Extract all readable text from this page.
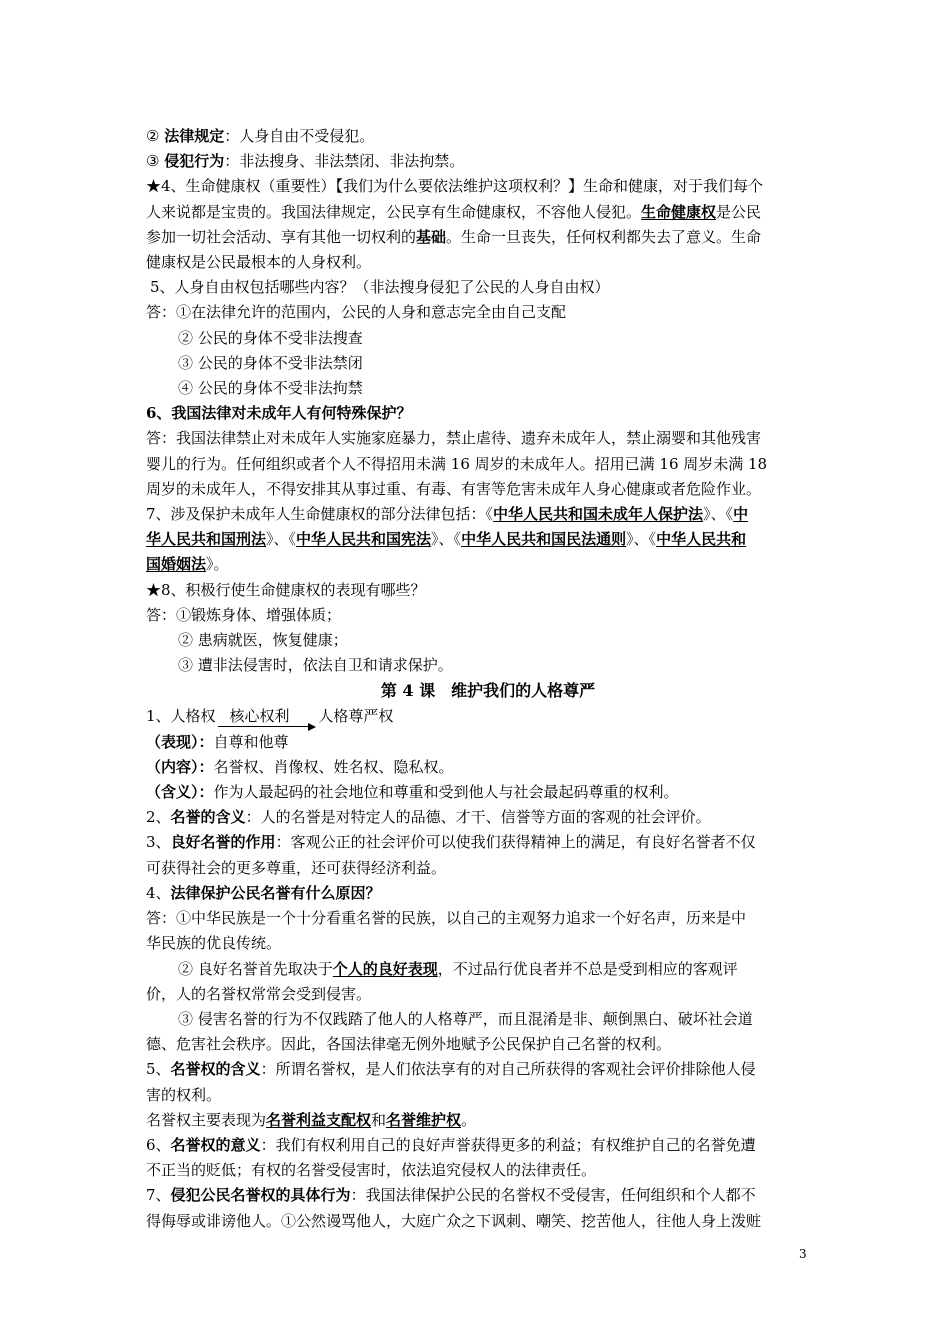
② 法律规定：人身自由不受侵犯。
③ 侵犯行为：非法搜身、非法禁闭、非法拘禁。
★4、生命健康权（重要性）【我们为什么要依法维护这项权利？】生命和健康，对于我们每个
人来说都是宝贵的。我国法律规定，公民享有生命健康权，不容他人侵犯。生命健康权是公民
参加一切社会活动、享有其他一切权利的基础。生命一旦丧失，任何权利都失去了意义。生命
健康权是公民最根本的人身权利。
5、人身自由权包括哪些内容？（非法搜身侵犯了公民的人身自由权）
答：①在法律允许的范围内，公民的人身和意志完全由自己支配
② 公民的身体不受非法搜查
③ 公民的身体不受非法禁闭
④ 公民的身体不受非法拘禁
6、我国法律对未成年人有何特殊保护？
答：我国法律禁止对未成年人实施家庭暴力，禁止虐待、遗弃未成年人，禁止溺婴和其他残害
婴儿的行为。任何组织或者个人不得招用未满 16 周岁的未成年人。招用已满 16 周岁未满 18
周岁的未成年人，不得安排其从事过重、有毒、有害等危害未成年人身心健康或者危险作业。
7、涉及保护未成年人生命健康权的部分法律包括：《中华人民共和国未成年人保护法》、《中
华人民共和国刑法》、《中华人民共和国宪法》、《中华人民共和国民法通则》、《中华人民共和
国婚姻法》。
★8、积极行使生命健康权的表现有哪些？
答：①锻炼身体、增强体质；
② 患病就医，恢复健康；
③ 遭非法侵害时，依法自卫和请求保护。
第 4 课　维护我们的人格尊严
1、人格权 核心权利
人格尊严权
（表现）：自尊和他尊
（内容）：名誉权、肖像权、姓名权、隐私权。
（含义）：作为人最起码的社会地位和尊重和受到他人与社会最起码尊重的权利。
2、名誉的含义：人的名誉是对特定人的品德、才干、信誉等方面的客观的社会评价。
3、良好名誉的作用：客观公正的社会评价可以使我们获得精神上的满足，有良好名誉者不仅
可获得社会的更多尊重，还可获得经济利益。
4、法律保护公民名誉有什么原因？
答：①中华民族是一个十分看重名誉的民族，以自己的主观努力追求一个好名声，历来是中
华民族的优良传统。
② 良好名誉首先取决于个人的良好表现，不过品行优良者并不总是受到相应的客观评
价，人的名誉权常常会受到侵害。
③ 侵害名誉的行为不仅践踏了他人的人格尊严，而且混淆是非、颠倒黑白、破坏社会道
德、危害社会秩序。因此，各国法律毫无例外地赋予公民保护自己名誉的权利。
5、名誉权的含义：所谓名誉权，是人们依法享有的对自己所获得的客观社会评价排除他人侵
害的权利。
名誉权主要表现为名誉利益支配权和名誉维护权。
6、名誉权的意义：我们有权利用自己的良好声誉获得更多的利益；有权维护自己的名誉免遭
不正当的贬低；有权的名誉受侵害时，依法追究侵权人的法律责任。
7、侵犯公民名誉权的具体行为：我国法律保护公民的名誉权不受侵害，任何组织和个人都不
得侮辱或诽谤他人。①公然谩骂他人，大庭广众之下讽刺、嘲笑、挖苦他人，往他人身上泼赃
3
